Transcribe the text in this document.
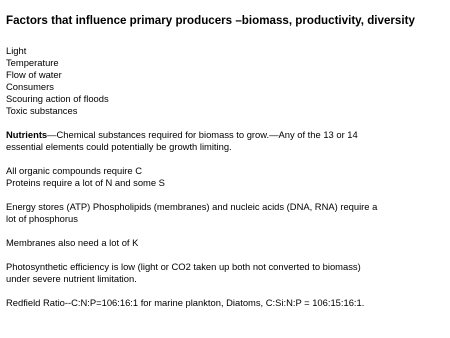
Factors that influence primary producers –biomass, productivity, diversity
Light
Temperature
Flow of water
Consumers
Scouring action of floods
Toxic substances
Nutrients—Chemical substances required for biomass to grow.—Any of the 13 or 14
essential elements could potentially be growth limiting.
All organic compounds require C
Proteins require a lot of N and some S
Energy stores (ATP) Phospholipids (membranes) and nucleic acids (DNA, RNA) require a
lot of phosphorus
Membranes also need a lot of K
Photosynthetic efficiency is low (light or CO2 taken up both not converted to biomass)
under severe nutrient limitation.
Redfield Ratio--C:N:P=106:16:1 for marine plankton, Diatoms, C:Si:N:P = 106:15:16:1.
